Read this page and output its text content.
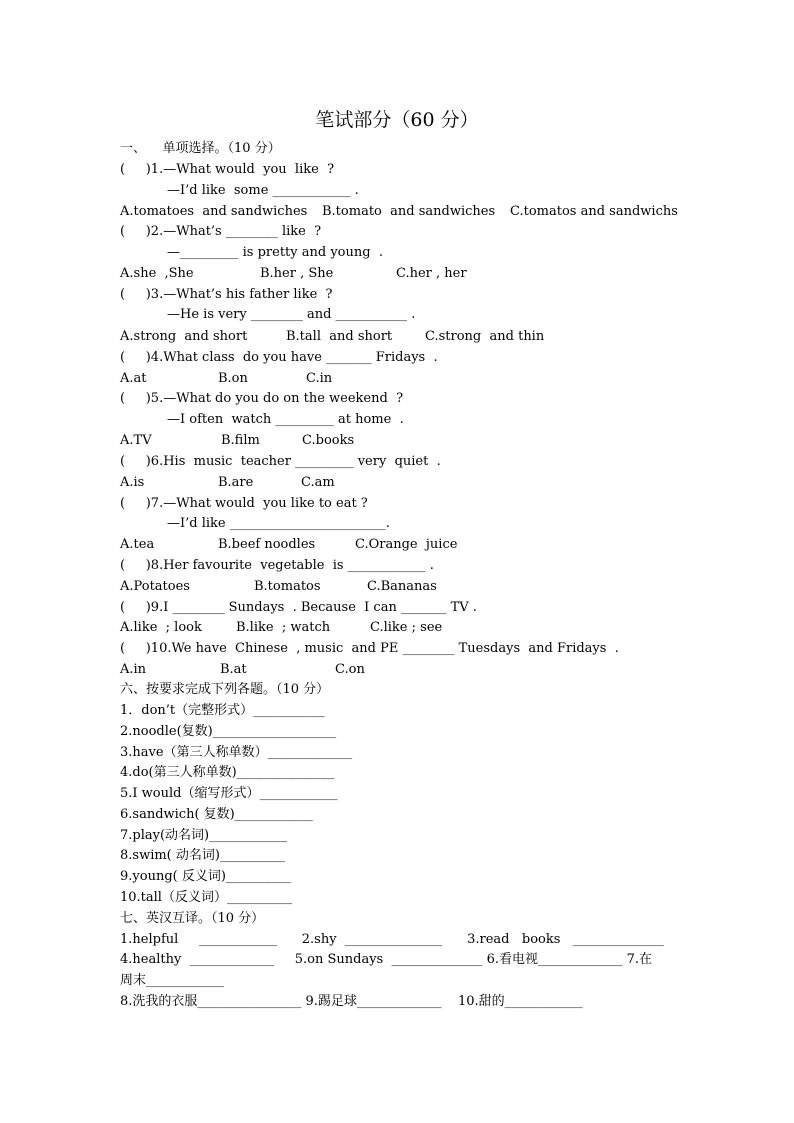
笔试部分（60 分）
一、    单项选择。（10 分）
(     )1.—What would  you  like  ?
—I’d like  some ____________ .
A.tomatoes  and sandwiches B.tomato  and sandwiches C.tomatos and sandwichs
(     )2.—What’s ________ like  ?
—_________ is pretty and young  .
A.she  ,She	B.her , She	C.her , her
(     )3.—What’s his father like  ?
—He is very ________ and ___________ .
A.strong  and short	B.tall  and short	C.strong  and thin
(     )4.What class  do you have _______ Fridays  .
A.at	B.on	C.in
(     )5.—What do you do on the weekend  ?
—I often  watch _________ at home  .
A.TV	B.film	C.books
(     )6.His  music  teacher _________ very  quiet  .
A.is	B.are	C.am
(     )7.—What would  you like to eat ?
—I’d like ________________________.
A.tea	B.beef noodles	C.Orange  juice
(     )8.Her favourite  vegetable  is ____________ .
A.Potatoes	B.tomatos	C.Bananas
(     )9.I ________ Sundays  . Because  I can _______ TV .
A.like  ; look	B.like  ; watch	C.like ; see
(     )10.We have  Chinese  , music  and PE ________ Tuesdays  and Fridays  .
A.in	B.at	C.on
六、按要求完成下列各题。（10 分）
1．don’t（完整形式）___________
2.noodle(复数)___________________
3.have（第三人称单数）_____________
4.do(第三人称单数)_______________
5.I would（缩写形式）____________
6.sandwich( 复数)____________
7.play(动名词)____________
8.swim( 动名词)__________
9.young( 反义词)__________
10.tall（反义词）__________
七、英汉互译。（10 分）
1.helpful     ____________      2.shy  _______________      3.read   books   ______________
4.healthy  _____________     5.on Sundays  ______________ 6.看电视_____________ 7.在
周末____________
8.洗我的衣服________________ 9.踢足球_____________    10.甜的____________
